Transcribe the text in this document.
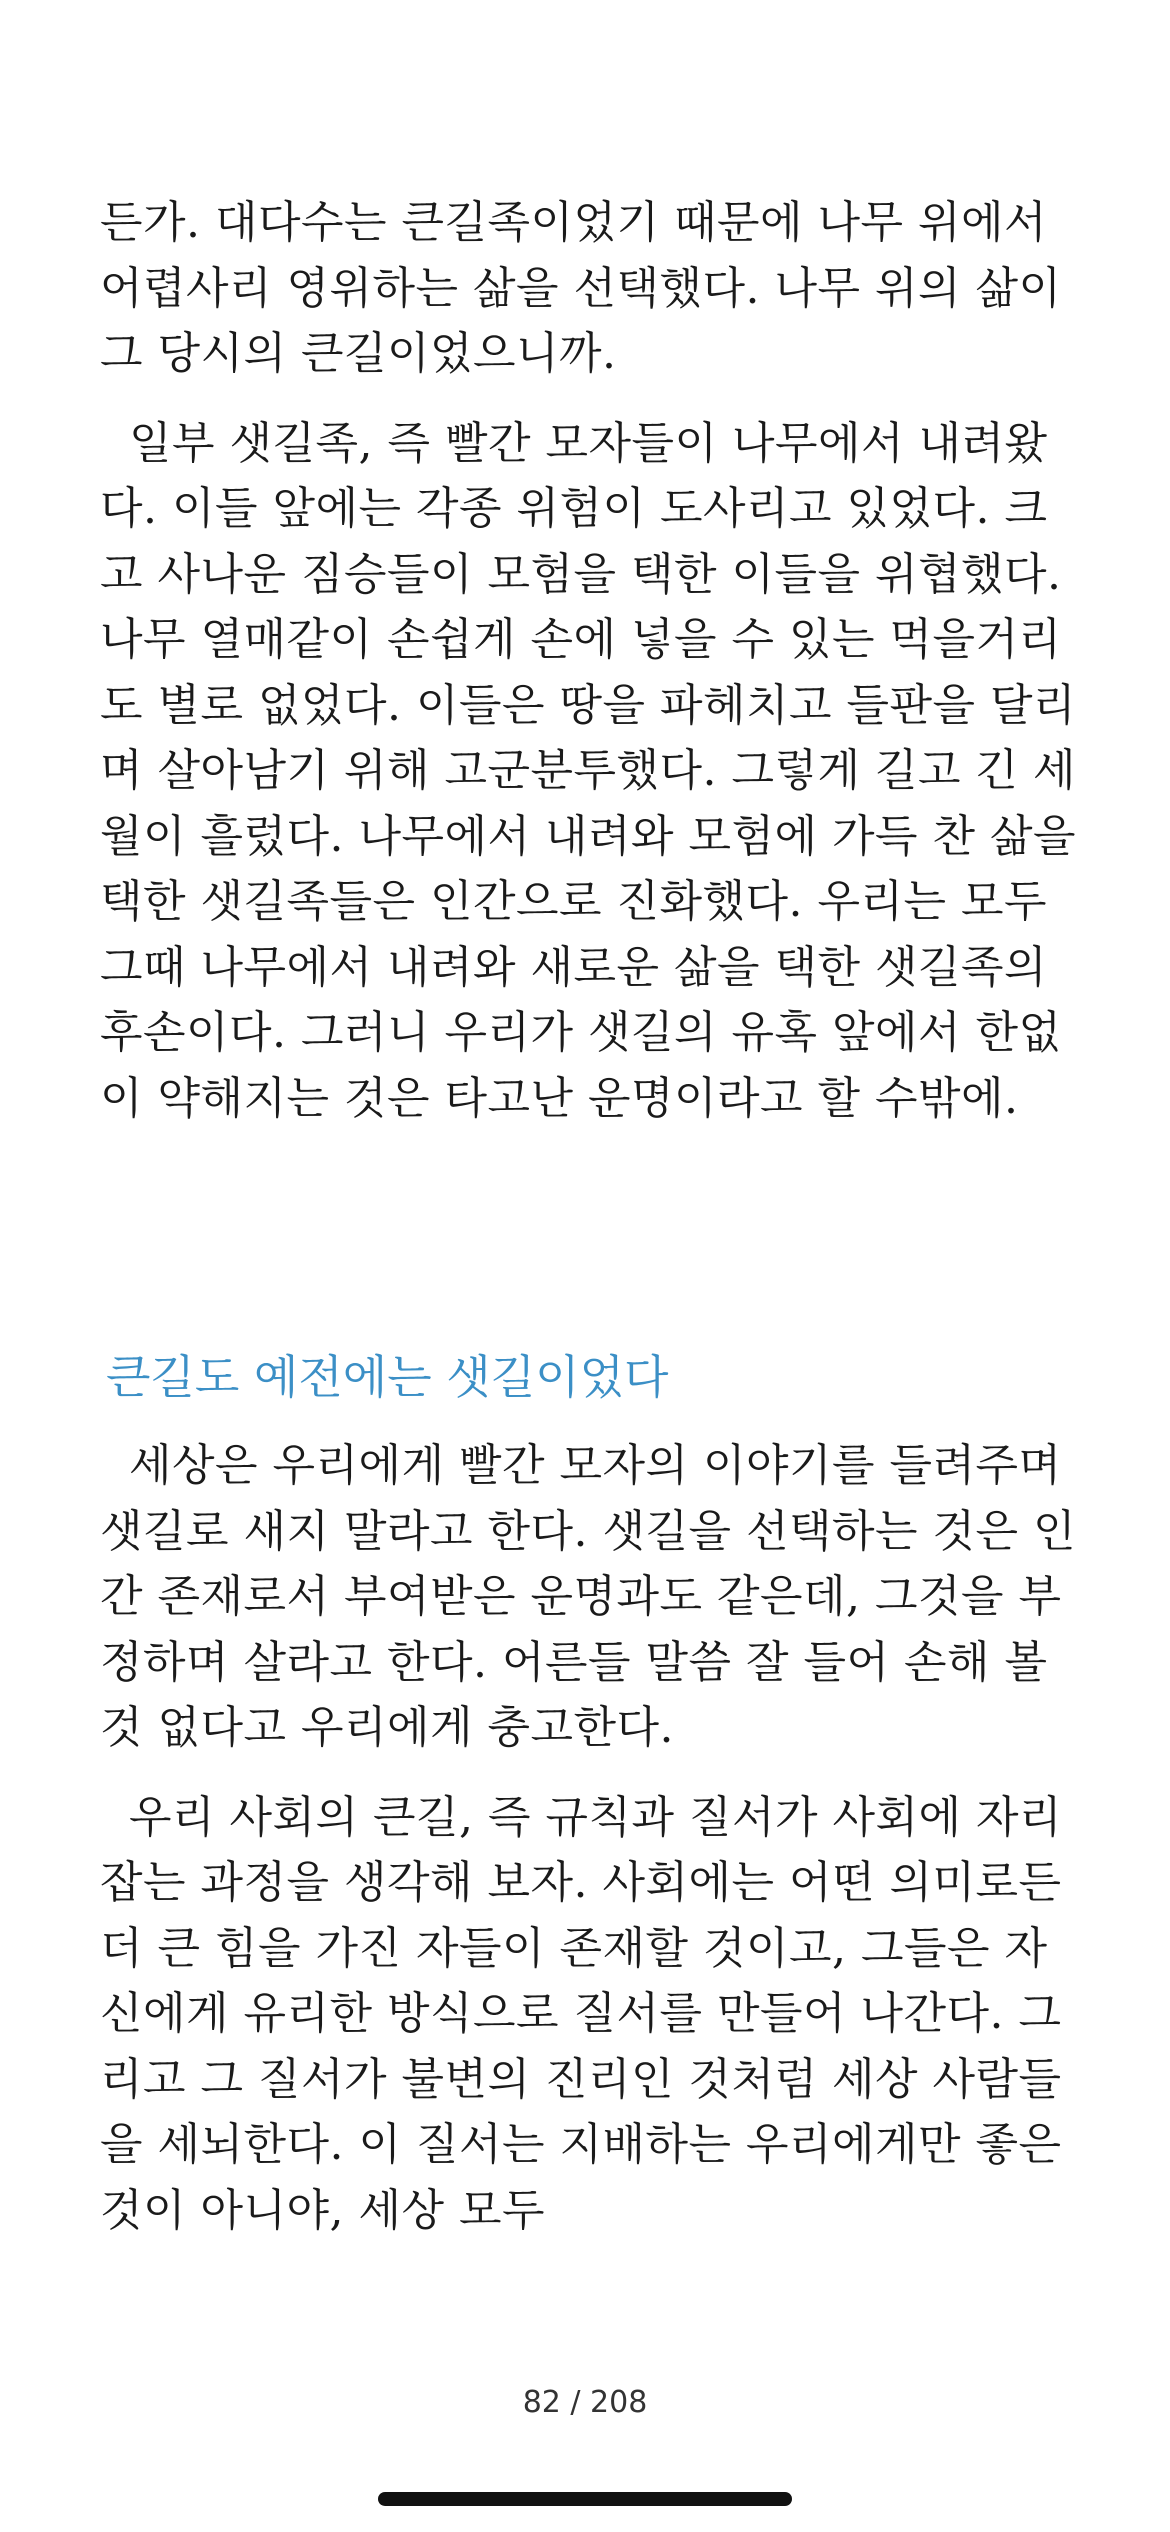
든가. 대다수는 큰길족이었기 때문에 나무 위에서 어렵사리 영위하는 삶을 선택했다. 나무 위의 삶이 그 당시의 큰길이었으니까.

일부 샛길족, 즉 빨간 모자들이 나무에서 내려왔다. 이들 앞에는 각종 위험이 도사리고 있었다. 크고 사나운 짐승들이 모험을 택한 이들을 위협했다. 나무 열매같이 손쉽게 손에 넣을 수 있는 먹을거리도 별로 없었다. 이들은 땅을 파헤치고 들판을 달리며 살아남기 위해 고군분투했다. 그렇게 길고 긴 세월이 흘렀다. 나무에서 내려와 모험에 가득 찬 삶을 택한 샛길족들은 인간으로 진화했다. 우리는 모두 그때 나무에서 내려와 새로운 삶을 택한 샛길족의 후손이다. 그러니 우리가 샛길의 유혹 앞에서 한없이 약해지는 것은 타고난 운명이라고 할 수밖에.

큰길도 예전에는 샛길이었다

세상은 우리에게 빨간 모자의 이야기를 들려주며 샛길로 새지 말라고 한다. 샛길을 선택하는 것은 인간 존재로서 부여받은 운명과도 같은데, 그것을 부정하며 살라고 한다. 어른들 말씀 잘 들어 손해 볼 것 없다고 우리에게 충고한다.

우리 사회의 큰길, 즉 규칙과 질서가 사회에 자리 잡는 과정을 생각해 보자. 사회에는 어떤 의미로든 더 큰 힘을 가진 자들이 존재할 것이고, 그들은 자신에게 유리한 방식으로 질서를 만들어 나간다. 그리고 그 질서가 불변의 진리인 것처럼 세상 사람들을 세뇌한다. 이 질서는 지배하는 우리에게만 좋은 것이 아니야, 세상 모두

82 / 208
